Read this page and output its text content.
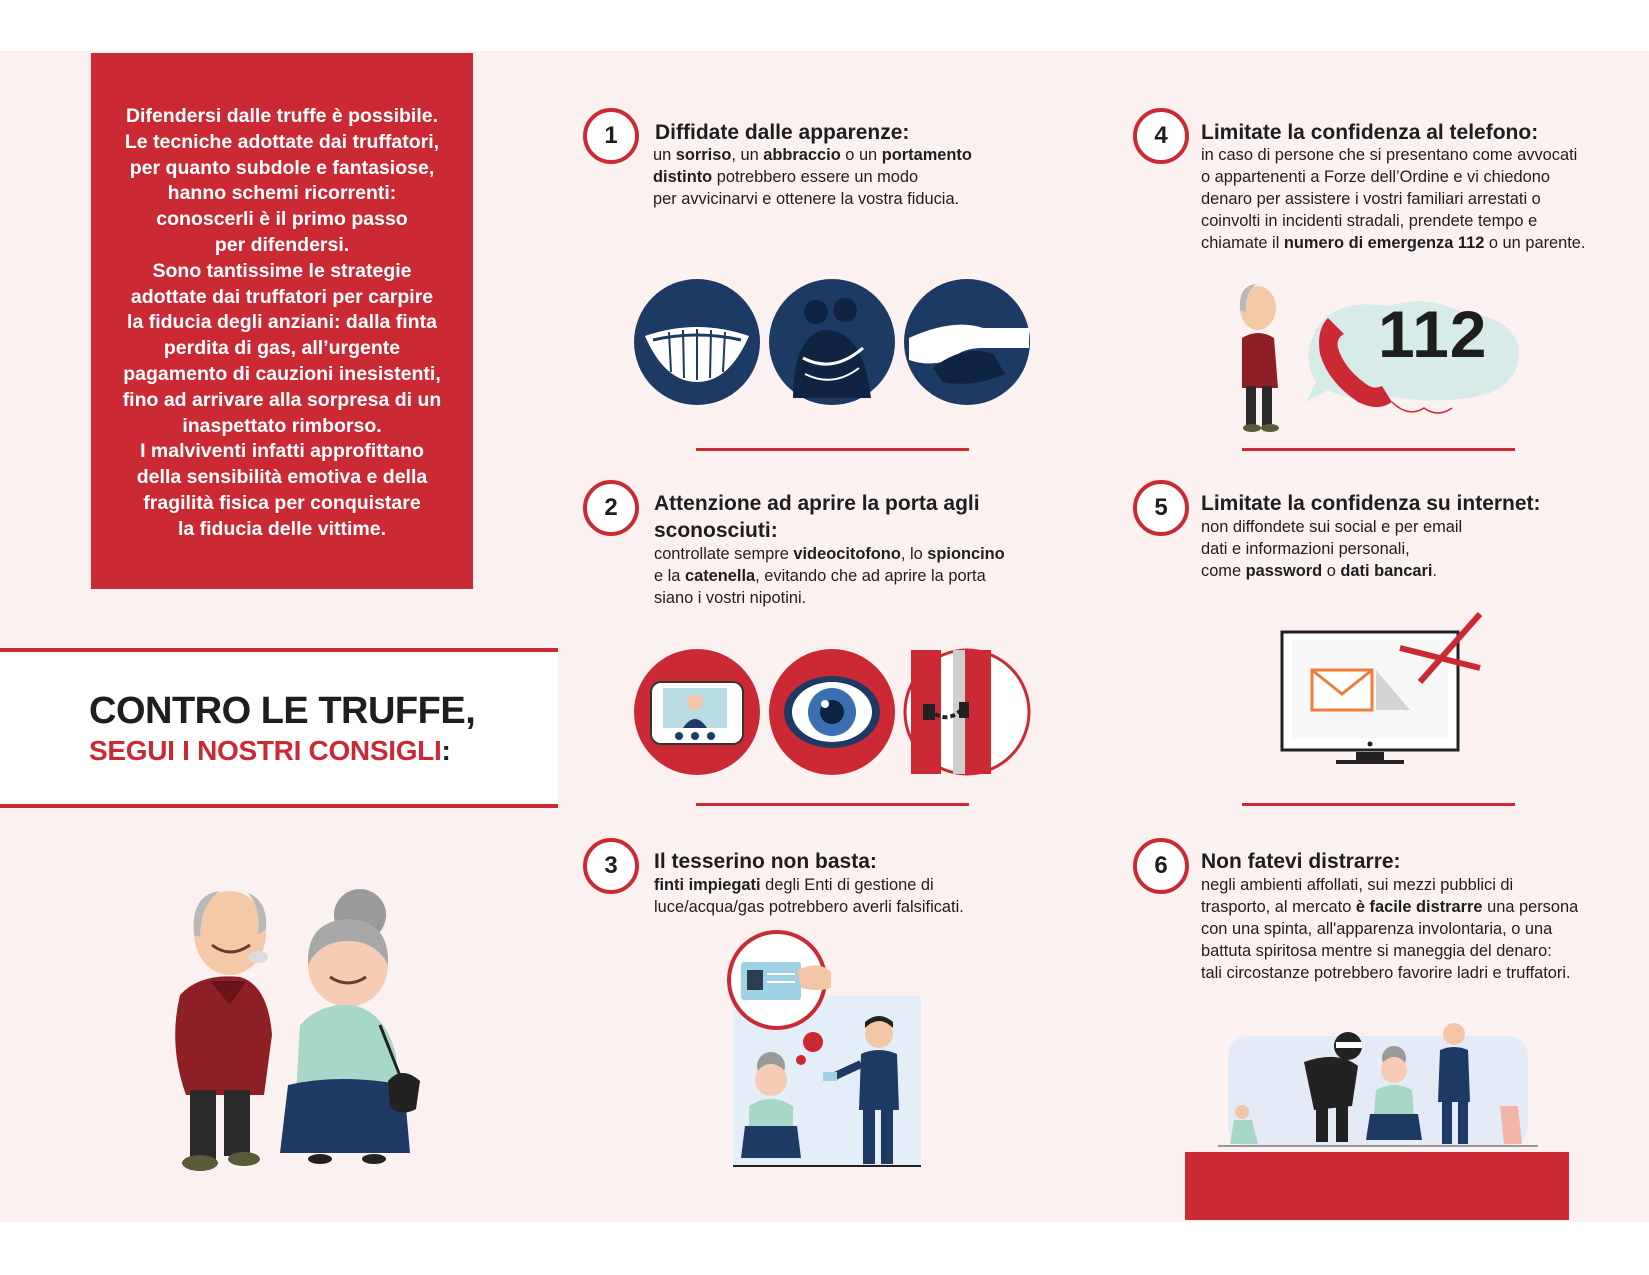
Difendersi dalle truffe è possibile.
Le tecniche adottate dai truffatori,
per quanto subdole e fantasiose,
hanno schemi ricorrenti:
conoscerli è il primo passo
per difendersi.
Sono tantissime le strategie
adottate dai truffatori per carpire
la fiducia degli anziani: dalla finta
perdita di gas, all’urgente
pagamento di cauzioni inesistenti,
fino ad arrivare alla sorpresa di un
inaspettato rimborso.
I malviventi infatti approfittano
della sensibilità emotiva e della
fragilità fisica per conquistare
la fiducia delle vittime.
CONTRO LE TRUFFE,
SEGUI I NOSTRI CONSIGLI:
1	Diffidate dalle apparenze:
un sorriso, un abbraccio o un portamento
distinto potrebbero essere un modo
per avvicinarvi e ottenere la vostra fiducia.
2	Attenzione ad aprire la porta agli
sconosciuti:
controllate sempre videocitofono, lo spioncino
e la catenella, evitando che ad aprire la porta
siano i vostri nipotini.
3	Il tesserino non basta:
finti impiegati degli Enti di gestione di
luce/acqua/gas potrebbero averli falsificati.
4	Limitate la confidenza al telefono:
in caso di persone che si presentano come avvocati
o appartenenti a Forze dell’Ordine e vi chiedono
denaro per assistere i vostri familiari arrestati o
coinvolti in incidenti stradali, prendete tempo e
chiamate il numero di emergenza 112 o un parente.
112
5	Limitate la confidenza su internet:
non diffondete sui social e per email
dati e informazioni personali,
come password o dati bancari.
6	Non fatevi distrarre:
negli ambienti affollati, sui mezzi pubblici di
trasporto, al mercato è facile distrarre una persona
con una spinta, all'apparenza involontaria, o una
battuta spiritosa mentre si maneggia del denaro:
tali circostanze potrebbero favorire ladri e truffatori.
